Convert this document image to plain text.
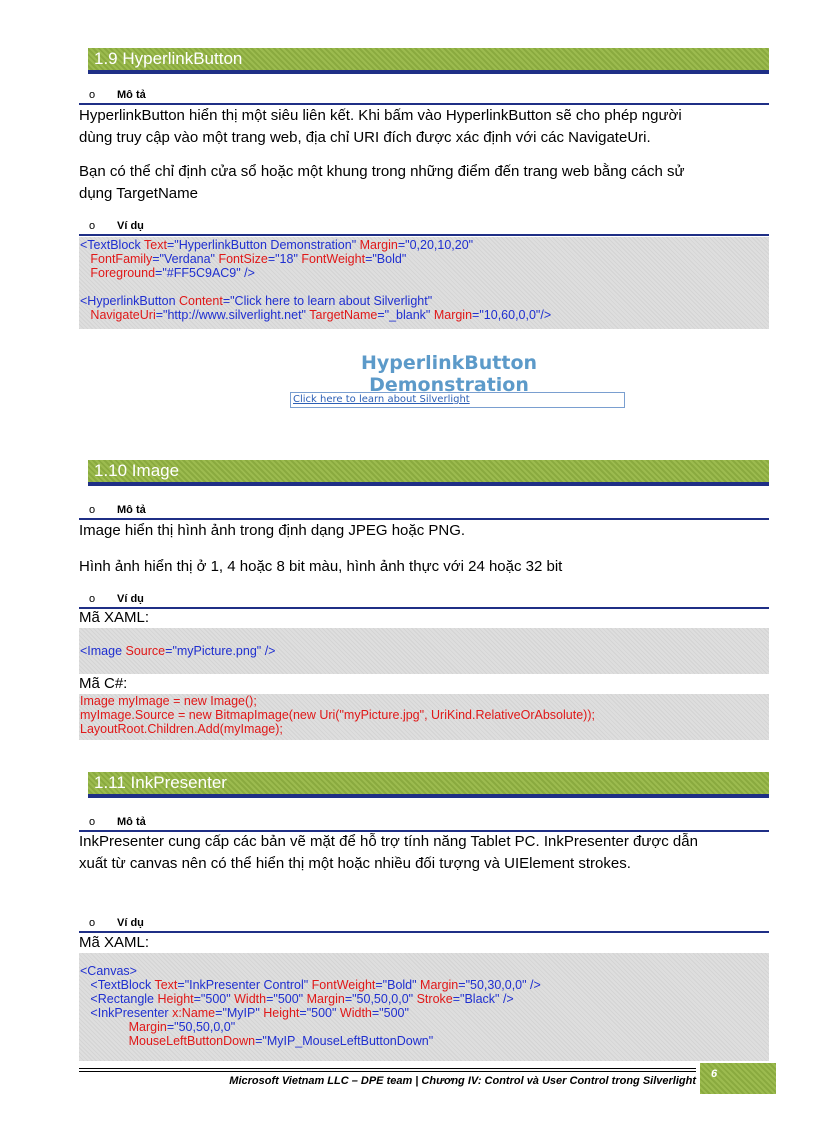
1.9 HyperlinkButton
o Mô tả
HyperlinkButton hiển thị một siêu liên kết. Khi bấm vào HyperlinkButton sẽ cho phép người
dùng truy cập vào một trang web, địa chỉ URI đích được xác định với các NavigateUri.
Bạn có thể chỉ định cửa sổ hoặc một khung trong những điểm đến trang web bằng cách sử
dụng TargetName
o Ví dụ
<TextBlock Text="HyperlinkButton Demonstration" Margin="0,20,10,20"
FontFamily="Verdana" FontSize="18" FontWeight="Bold"
Foreground="#FF5C9AC9" />
<HyperlinkButton Content="Click here to learn about Silverlight"
NavigateUri="http://www.silverlight.net" TargetName="_blank" Margin="10,60,0,0"/>
HyperlinkButton Demonstration
Click here to learn about Silverlight
1.10 Image
o Mô tả
Image hiển thị hình ảnh trong định dạng JPEG hoặc PNG.
Hình ảnh hiển thị ở 1, 4 hoặc 8 bit màu, hình ảnh thực với 24 hoặc 32 bit
o Ví dụ
Mã XAML:
<Image Source="myPicture.png" />
Mã C#:
Image myImage = new Image();
myImage.Source = new BitmapImage(new Uri("myPicture.jpg", UriKind.RelativeOrAbsolute));
LayoutRoot.Children.Add(myImage);
1.11 InkPresenter
o Mô tả
InkPresenter cung cấp các bản vẽ mặt để hỗ trợ tính năng Tablet PC. InkPresenter được dẫn
xuất từ canvas nên có thể hiển thị một hoặc nhiều đối tượng và UIElement strokes.
o Ví dụ
Mã XAML:
<Canvas>
<TextBlock Text="InkPresenter Control" FontWeight="Bold" Margin="50,30,0,0" />
<Rectangle Height="500" Width="500" Margin="50,50,0,0" Stroke="Black" />
<InkPresenter x:Name="MyIP" Height="500" Width="500"
Margin="50,50,0,0"
MouseLeftButtonDown="MyIP_MouseLeftButtonDown"
Microsoft Vietnam LLC – DPE team | Chương IV: Control và User Control trong Silverlight
6
